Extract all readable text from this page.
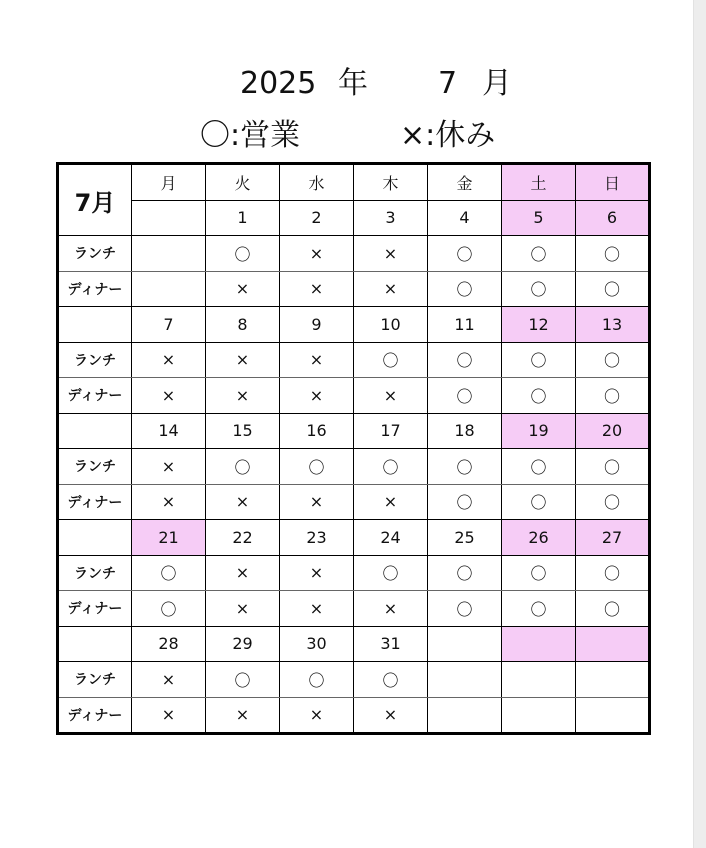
2025 年 7 月
〇:営業	×:休み
7月	月	火	水	木	金	土	日
		1	2	3	4	5	6
ランチ		〇	×	×	〇	〇	〇
ディナー		×	×	×	〇	〇	〇
	7	8	9	10	11	12	13
ランチ	×	×	×	〇	〇	〇	〇
ディナー	×	×	×	×	〇	〇	〇
	14	15	16	17	18	19	20
ランチ	×	〇	〇	〇	〇	〇	〇
ディナー	×	×	×	×	〇	〇	〇
	21	22	23	24	25	26	27
ランチ	〇	×	×	〇	〇	〇	〇
ディナー	〇	×	×	×	〇	〇	〇
	28	29	30	31			
ランチ	×	〇	〇	〇			
ディナー	×	×	×	×			
